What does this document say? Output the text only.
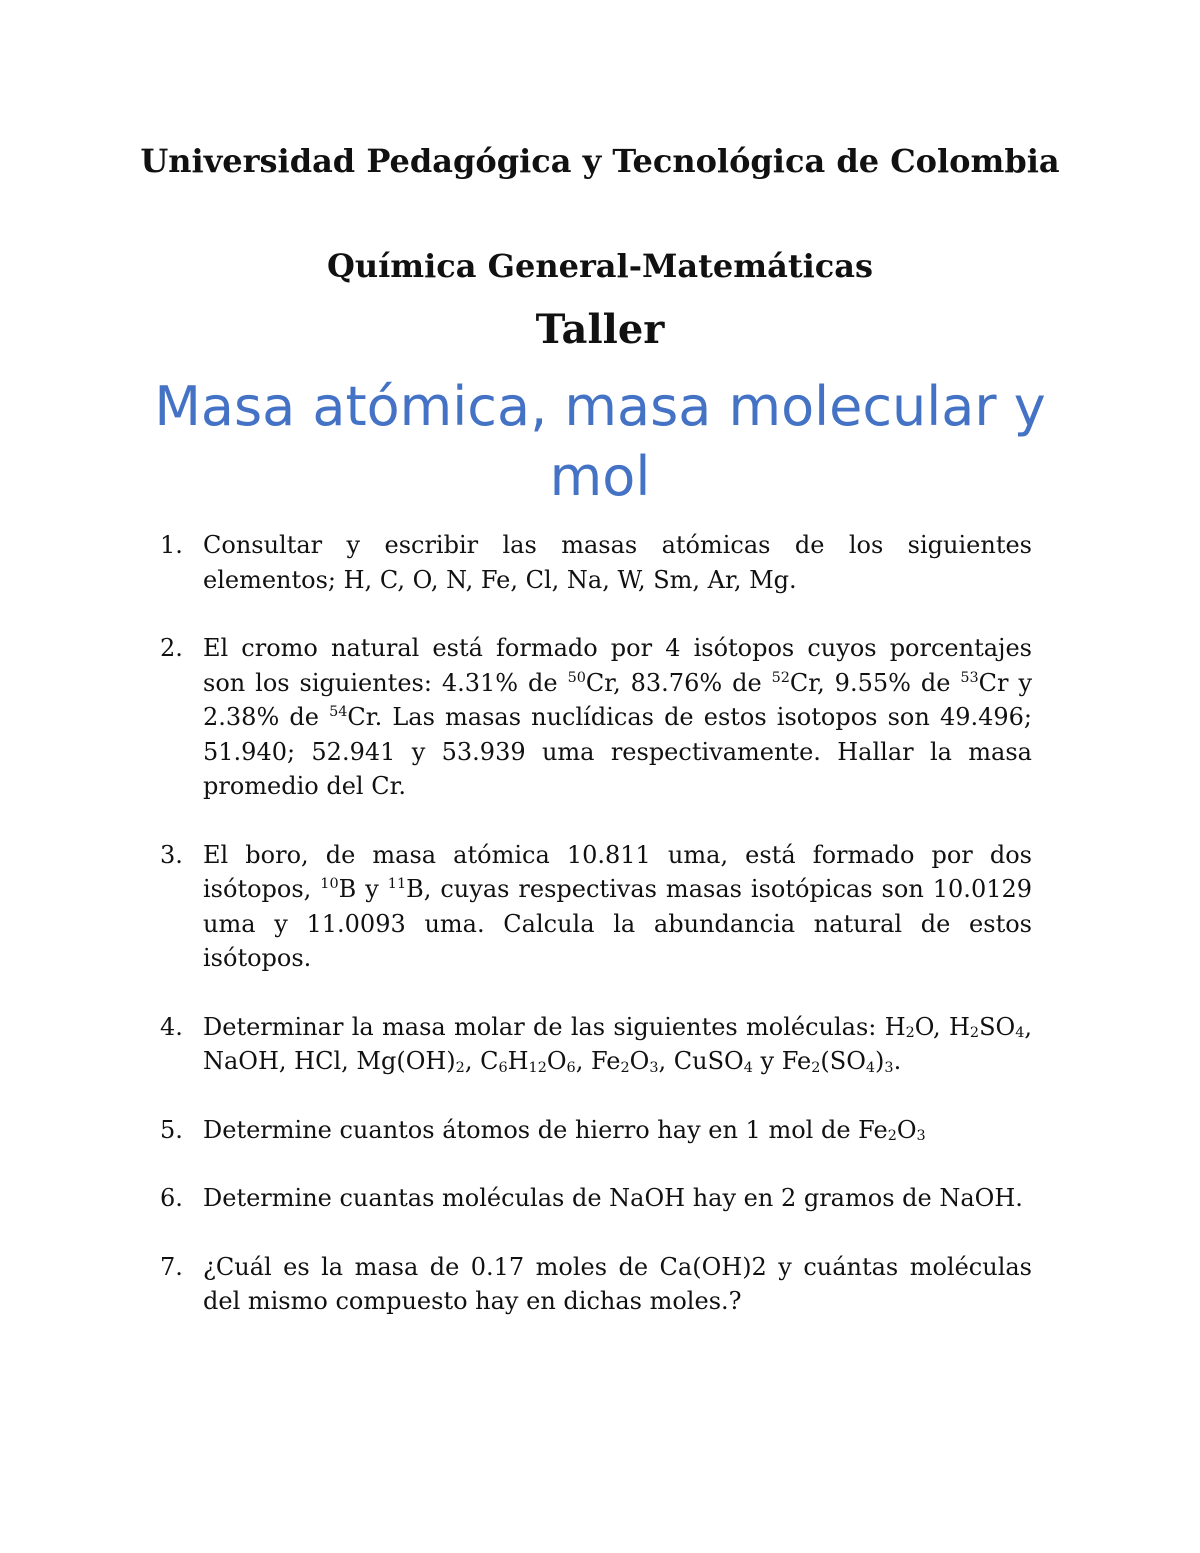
Universidad Pedagógica y Tecnológica de Colombia
Química General-Matemáticas
Taller
Masa atómica, masa molecular y mol
1. Consultar y escribir las masas atómicas de los siguientes elementos; H, C, O, N, Fe, Cl, Na, W, Sm, Ar, Mg.
2. El cromo natural está formado por 4 isótopos cuyos porcentajes son los siguientes: 4.31% de $^{50}$Cr, 83.76% de $^{52}$Cr, 9.55% de $^{53}$Cr y 2.38% de $^{54}$Cr. Las masas nuclídicas de estos isotopos son 49.496; 51.940; 52.941 y 53.939 uma respectivamente. Hallar la masa promedio del Cr.
3. El boro, de masa atómica 10.811 uma, está formado por dos isótopos, $^{10}$B y $^{11}$B, cuyas respectivas masas isotópicas son 10.0129 uma y 11.0093 uma. Calcula la abundancia natural de estos isótopos.
4. Determinar la masa molar de las siguientes moléculas: H2O, H2SO4, NaOH, HCl, Mg(OH)2, C6H12O6, Fe2O3, CuSO4 y Fe2(SO4)3.
5. Determine cuantos átomos de hierro hay en 1 mol de Fe2O3
6. Determine cuantas moléculas de NaOH hay en 2 gramos de NaOH.
7. ¿Cuál es la masa de 0.17 moles de Ca(OH)2 y cuántas moléculas del mismo compuesto hay en dichas moles.?
